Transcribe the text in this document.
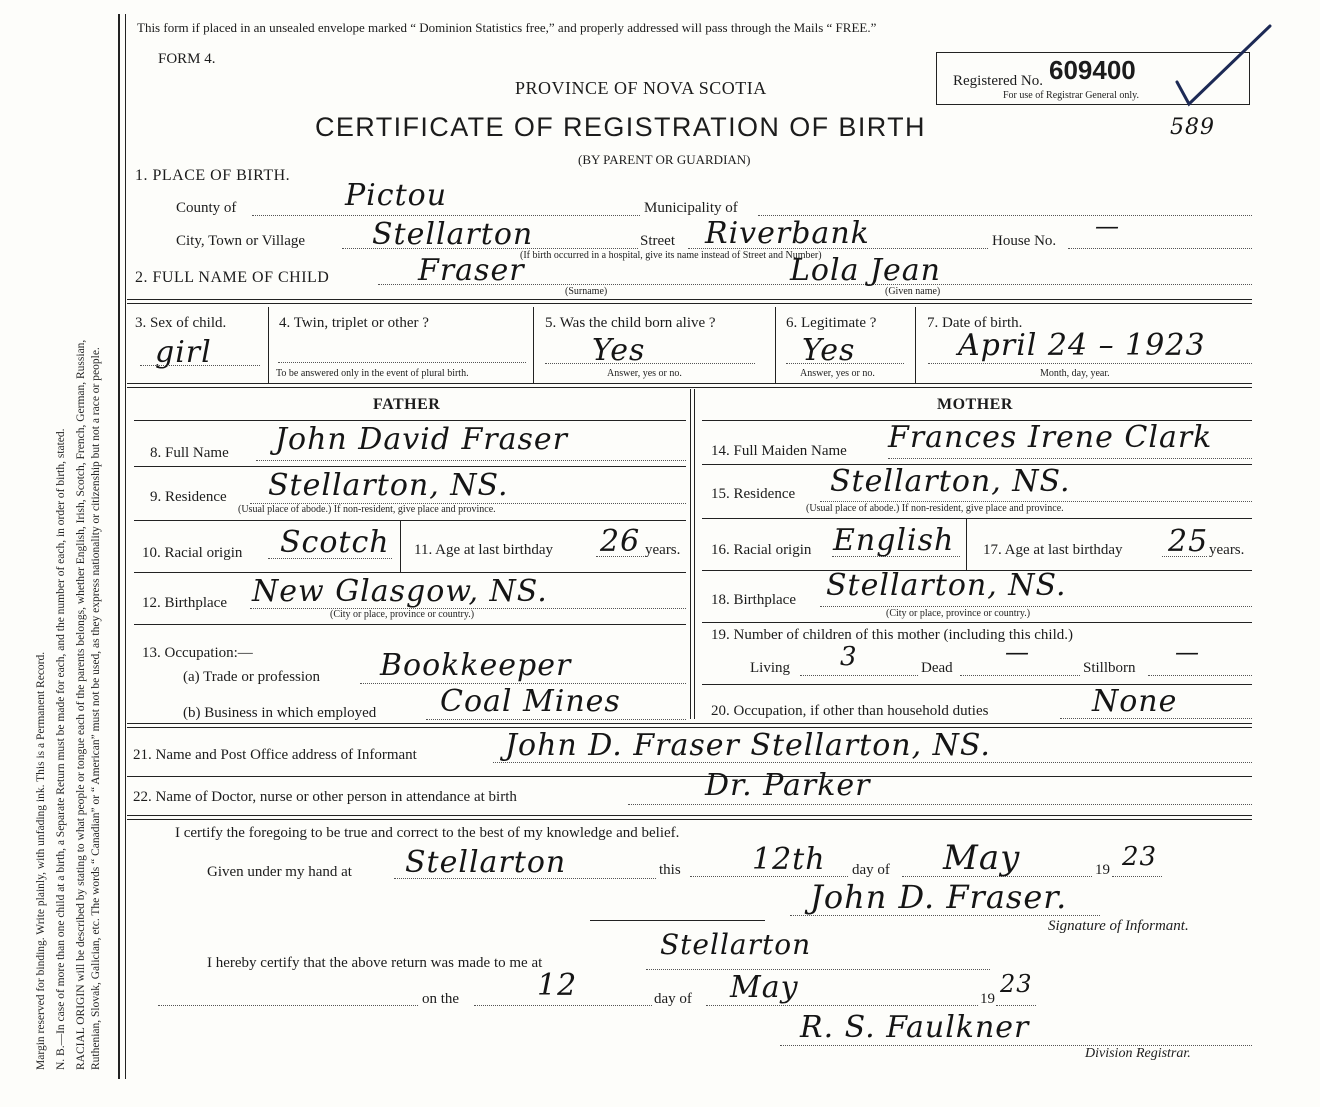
Margin reserved for binding. Write plainly, with unfading ink. This is a Permanent Record. N. B.—In case of more than one child at a birth, a Separate Return must be made for each, and the number of each, in order of birth, stated. RACIAL ORIGIN will be described by stating to what people or tongue each of the parents belongs, whether English, Irish, Scotch, French, German, Russian, Ruthenian, Slovak, Galician, etc. The words “ Canadian” or “ American” must not be used, as they express nationality or citizenship but not a race or people.
This form if placed in an unsealed envelope marked “ Dominion Statistics free,” and properly addressed will pass through the Mails “ FREE.”
FORM 4.
PROVINCE OF NOVA SCOTIA
CERTIFICATE OF REGISTRATION OF BIRTH
(BY PARENT OR GUARDIAN)
Registered No. 609400
For use of Registrar General only.
589
1. PLACE OF BIRTH.
County of	Pictou	Municipality of
City, Town or Village Stellarton	Street Riverbank	House No.
—
(If birth occurred in a hospital, give its name instead of Street and Number)
2. FULL NAME OF CHILD	Fraser
(Surname)
Lola Jean
(Given name)
3. Sex of child.
girl
4. Twin, triplet or other ?
To be answered only in the event of plural birth.
5. Was the child born alive ?
Yes
Answer, yes or no.
6. Legitimate ?
Yes
Answer, yes or no.
7. Date of birth.
April 24 – 1923
Month, day, year.
FATHER	MOTHER
8. Full Name John David Fraser
9. Residence Stellarton, NS.
(Usual place of abode.) If non-resident, give place and province.
10. Racial origin Scotch 11. Age at last birthday 26 years.
12. Birthplace New Glasgow, NS.
(City or place, province or country.)
13. Occupation:—
(a) Trade or profession Bookkeeper
(b) Business in which employed Coal Mines
14. Full Maiden Name Frances Irene Clark
15. Residence Stellarton, NS.
(Usual place of abode.) If non-resident, give place and province.
16. Racial origin English 17. Age at last birthday 25 years.
18. Birthplace Stellarton, NS.
(City or place, province or country.)
19. Number of children of this mother (including this child.)
Living 3	Dead
—
Stillborn
—
20. Occupation, if other than household duties	None
21. Name and Post Office address of Informant	John D. Fraser Stellarton, NS.
22. Name of Doctor, nurse or other person in attendance at birth	Dr. Parker
I certify the foregoing to be true and correct to the best of my knowledge and belief.
Given under my hand at Stellarton	this 12th day of May	19 23
John D. Fraser.
Signature of Informant.
I hereby certify that the above return was made to me at
Stellarton
on the	12	day of May	19
23
R. S. Faulkner
Division Registrar.
